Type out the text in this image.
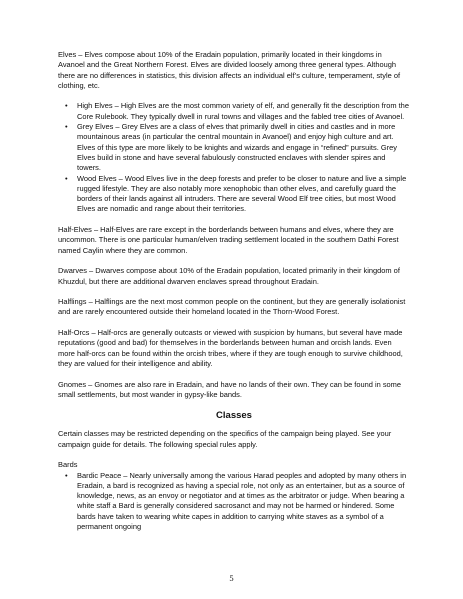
Elves – Elves compose about 10% of the Eradain population, primarily located in their kingdoms in Avanoel and the Great Northern Forest. Elves are divided loosely among three general types. Although there are no differences in statistics, this division affects an individual elf’s culture, temperament, style of clothing, etc.

• High Elves – High Elves are the most common variety of elf, and generally fit the description from the Core Rulebook. They typically dwell in rural towns and villages and the fabled tree cities of Avanoel.
• Grey Elves – Grey Elves are a class of elves that primarily dwell in cities and castles and in more mountainous areas (in particular the central mountain in Avanoel) and enjoy high culture and art. Elves of this type are more likely to be knights and wizards and engage in “refined” pursuits. Grey Elves build in stone and have several fabulously constructed enclaves with slender spires and towers.
• Wood Elves – Wood Elves live in the deep forests and prefer to be closer to nature and live a simple rugged lifestyle. They are also notably more xenophobic than other elves, and carefully guard the borders of their lands against all intruders. There are several Wood Elf tree cities, but most Wood Elves are nomadic and range about their territories.

Half-Elves – Half-Elves are rare except in the borderlands between humans and elves, where they are uncommon. There is one particular human/elven trading settlement located in the southern Dathi Forest named Caylin where they are common.

Dwarves – Dwarves compose about 10% of the Eradain population, located primarily in their kingdom of Khuzdul, but there are additional dwarven enclaves spread throughout Eradain.

Halflings – Halflings are the next most common people on the continent, but they are generally isolationist and are rarely encountered outside their homeland located in the Thorn-Wood Forest.

Half-Orcs – Half-orcs are generally outcasts or viewed with suspicion by humans, but several have made reputations (good and bad) for themselves in the borderlands between human and orcish lands. Even more half-orcs can be found within the orcish tribes, where if they are tough enough to survive childhood, they are valued for their intelligence and ability.

Gnomes – Gnomes are also rare in Eradain, and have no lands of their own. They can be found in some small settlements, but most wander in gypsy-like bands.

Classes

Certain classes may be restricted depending on the specifics of the campaign being played. See your campaign guide for details. The following special rules apply.

Bards
• Bardic Peace – Nearly universally among the various Harad peoples and adopted by many others in Eradain, a bard is recognized as having a special role, not only as an entertainer, but as a source of knowledge, news, as an envoy or negotiator and at times as the arbitrator or judge. When bearing a white staff a Bard is generally considered sacrosanct and may not be harmed or hindered. Some bards have taken to wearing white capes in addition to carrying white staves as a symbol of a permanent ongoing
5
